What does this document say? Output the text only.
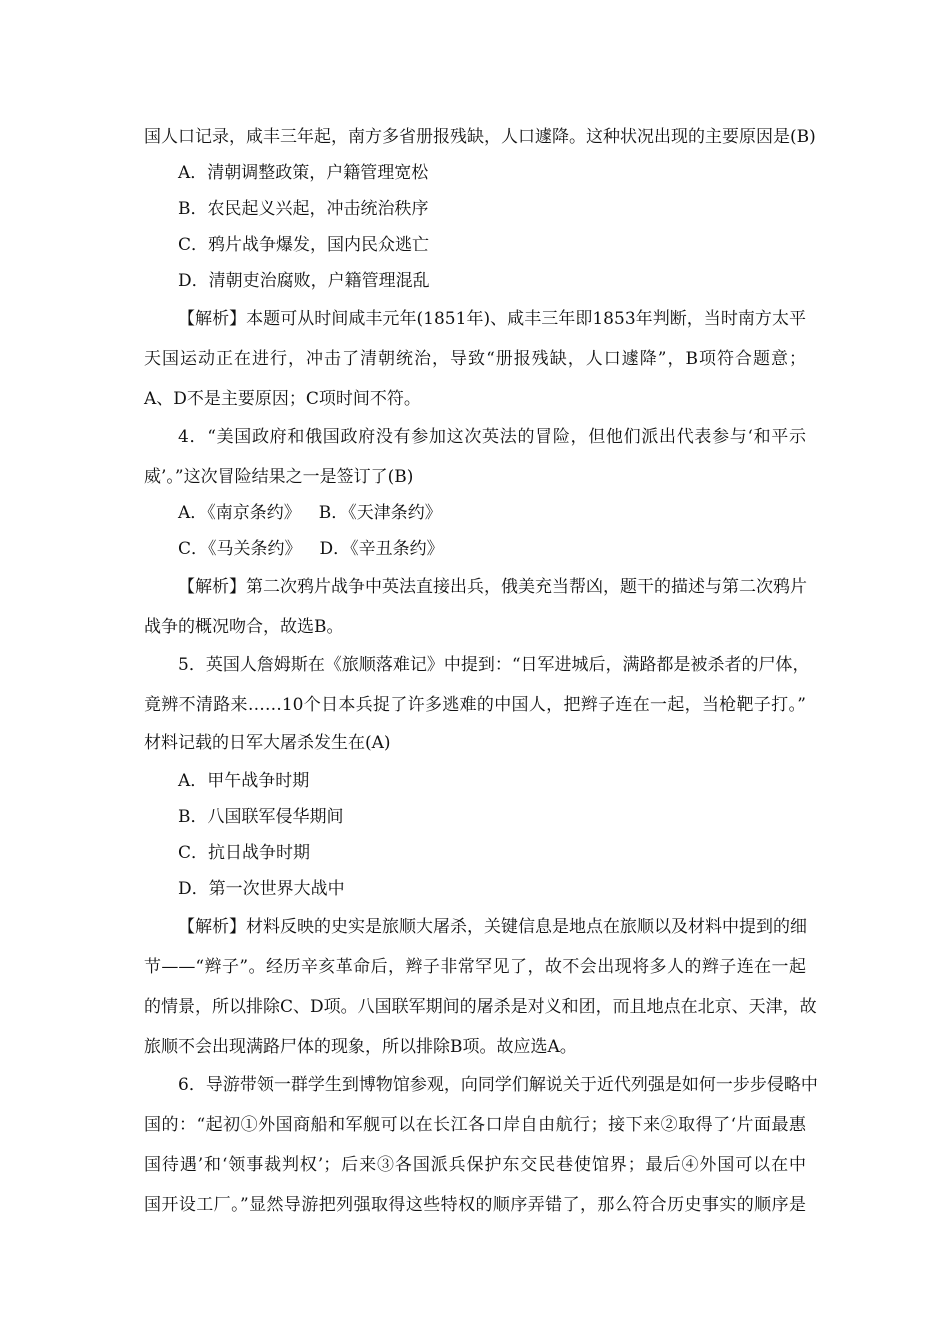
国人口记录，咸丰三年起，南方多省册报残缺，人口遽降。这种状况出现的主要原因是(B)
A．清朝调整政策，户籍管理宽松
B．农民起义兴起，冲击统治秩序
C．鸦片战争爆发，国内民众逃亡
D．清朝吏治腐败，户籍管理混乱
【解析】本题可从时间咸丰元年(1851年)、咸丰三年即1853年判断，当时南方太平
天国运动正在进行，冲击了清朝统治，导致“册报残缺，人口遽降”，B项符合题意；
A、D不是主要原因；C项时间不符。
4．“美国政府和俄国政府没有参加这次英法的冒险，但他们派出代表参与‘和平示
威’。”这次冒险结果之一是签订了(B)
A．《南京条约》 B．《天津条约》
C．《马关条约》 D．《辛丑条约》
【解析】第二次鸦片战争中英法直接出兵，俄美充当帮凶，题干的描述与第二次鸦片
战争的概况吻合，故选B。
5．英国人詹姆斯在《旅顺落难记》中提到：“日军进城后，满路都是被杀者的尸体，
竟辨不清路来……10个日本兵捉了许多逃难的中国人，把辫子连在一起，当枪靶子打。”
材料记载的日军大屠杀发生在(A)
A．甲午战争时期
B．八国联军侵华期间
C．抗日战争时期
D．第一次世界大战中
【解析】材料反映的史实是旅顺大屠杀，关键信息是地点在旅顺以及材料中提到的细
节——“辫子”。经历辛亥革命后，辫子非常罕见了，故不会出现将多人的辫子连在一起
的情景，所以排除C、D项。八国联军期间的屠杀是对义和团，而且地点在北京、天津，故
旅顺不会出现满路尸体的现象，所以排除B项。故应选A。
6．导游带领一群学生到博物馆参观，向同学们解说关于近代列强是如何一步步侵略中
国的：“起初①外国商船和军舰可以在长江各口岸自由航行；接下来②取得了‘片面最惠
国待遇’和‘领事裁判权’；后来③各国派兵保护东交民巷使馆界；最后④外国可以在中
国开设工厂。”显然导游把列强取得这些特权的顺序弄错了，那么符合历史事实的顺序是
